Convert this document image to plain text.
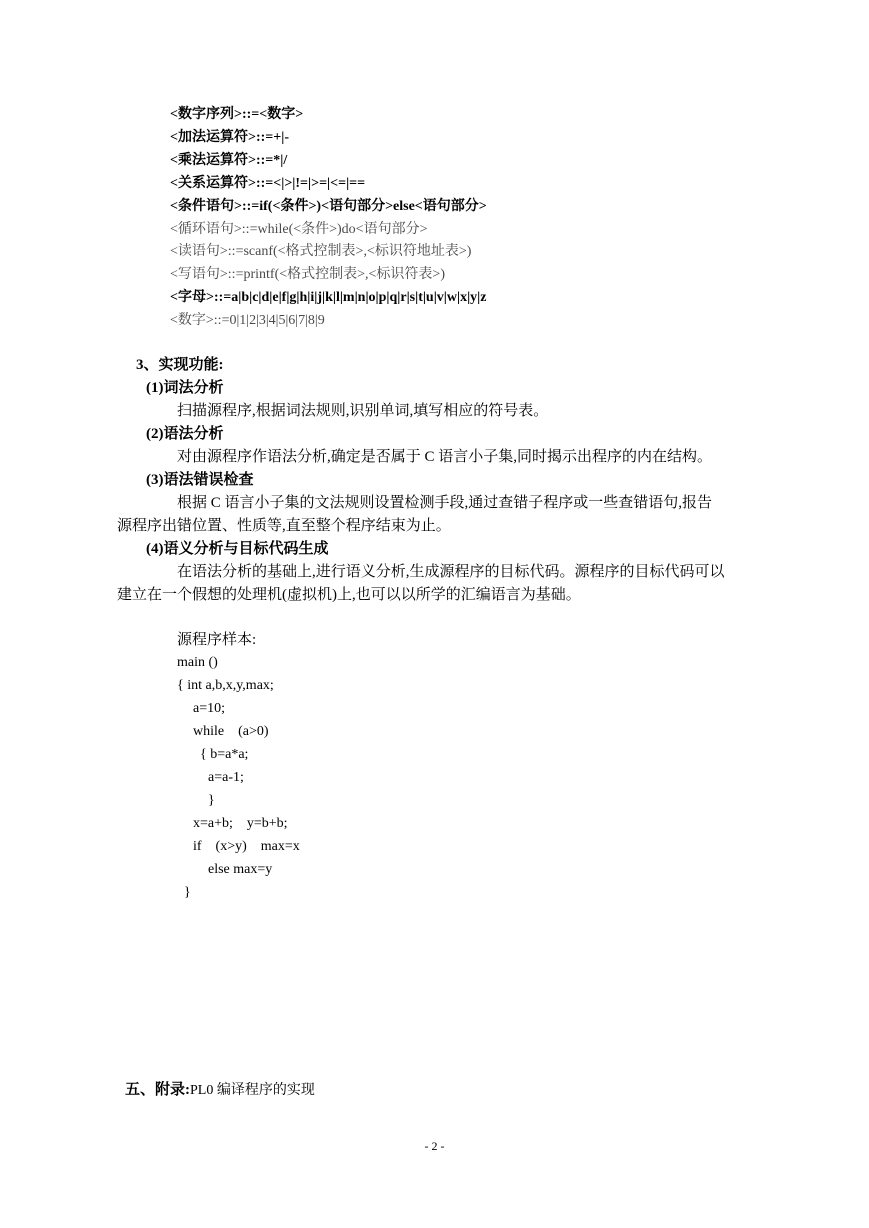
<数字序列>::=<数字>
<加法运算符>::=+|-
<乘法运算符>::=*|/
<关系运算符>::=<|>|!=|>=|<=|==
<条件语句>::=if(<条件>)<语句部分>else<语句部分>
<循环语句>::=while(<条件>)do<语句部分>
<读语句>::=scanf(<格式控制表>,<标识符地址表>)
<写语句>::=printf(<格式控制表>,<标识符表>)
<字母>::=a|b|c|d|e|f|g|h|i|j|k|l|m|n|o|p|q|r|s|t|u|v|w|x|y|z
<数字>::=0|1|2|3|4|5|6|7|8|9
3、实现功能:
(1)词法分析
扫描源程序,根据词法规则,识别单词,填写相应的符号表。
(2)语法分析
对由源程序作语法分析,确定是否属于 C 语言小子集,同时揭示出程序的内在结构。
(3)语法错误检查
根据 C 语言小子集的文法规则设置检测手段,通过查错子程序或一些查错语句,报告
源程序出错位置、性质等,直至整个程序结束为止。
(4)语义分析与目标代码生成
在语法分析的基础上,进行语义分析,生成源程序的目标代码。源程序的目标代码可以
建立在一个假想的处理机(虚拟机)上,也可以以所学的汇编语言为基础。
源程序样本:
main ()
{ int a,b,x,y,max;
a=10;
while    (a>0)
{ b=a*a;
a=a-1;
}
x=a+b;    y=b+b;
if    (x>y)    max=x
else max=y
}

五、附录:PL0 编译程序的实现

- 2 -
